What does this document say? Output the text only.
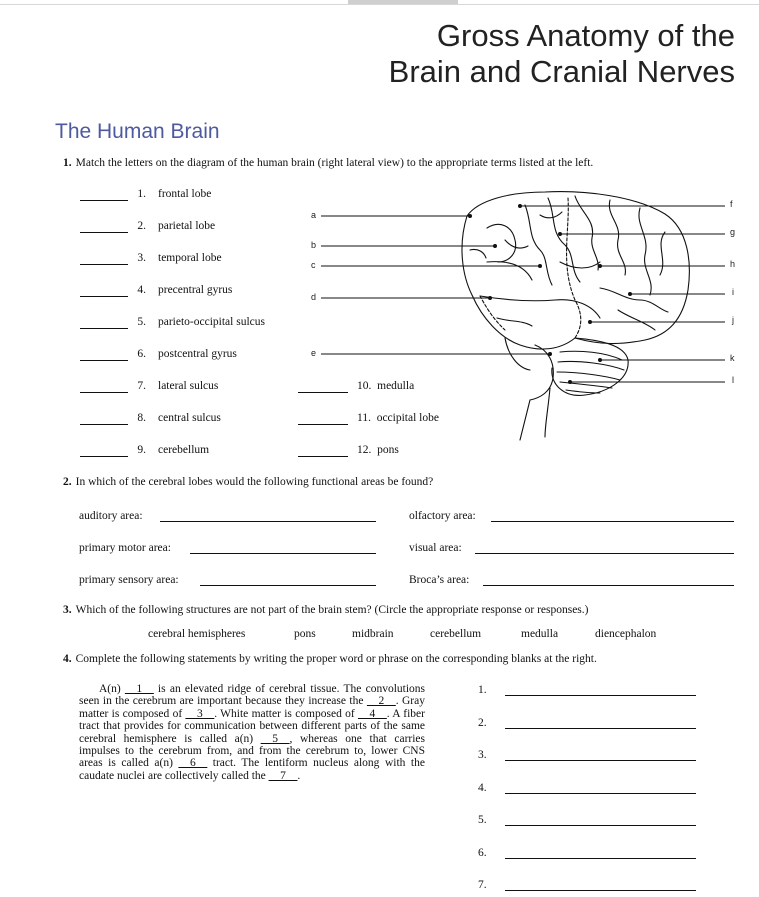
Gross Anatomy of the
Brain and Cranial Nerves
The Human Brain
1. Match the letters on the diagram of the human brain (right lateral view) to the appropriate terms listed at the left.
1. frontal lobe
2. parietal lobe
3. temporal lobe
4. precentral gyrus
5. parieto-occipital sulcus
6. postcentral gyrus
7. lateral sulcus
8. central sulcus
9. cerebellum
10. medulla
11. occipital lobe
12. pons
a
b
c
d
e
f
g
h
i
j
k
l
2. In which of the cerebral lobes would the following functional areas be found?
auditory area:
primary motor area:
primary sensory area:
olfactory area:
visual area:
Broca’s area:
3. Which of the following structures are not part of the brain stem? (Circle the appropriate response or responses.)
cerebral hemispheres	pons	midbrain	cerebellum	medulla	diencephalon
4. Complete the following statements by writing the proper word or phrase on the corresponding blanks at the right.
A(n) __1__ is an elevated ridge of cerebral tissue. The convolutions seen in the cerebrum are important because they increase the __2__. Gray matter is composed of __3__. White matter is composed of __4__. A fiber tract that provides for communication between different parts of the same cerebral hemisphere is called a(n) __5__, whereas one that carries impulses to the cerebrum from, and from the cerebrum to, lower CNS areas is called a(n) __6__ tract. The lentiform nucleus along with the caudate nuclei are collectively called the __7__.
1.
2.
3.
4.
5.
6.
7.
